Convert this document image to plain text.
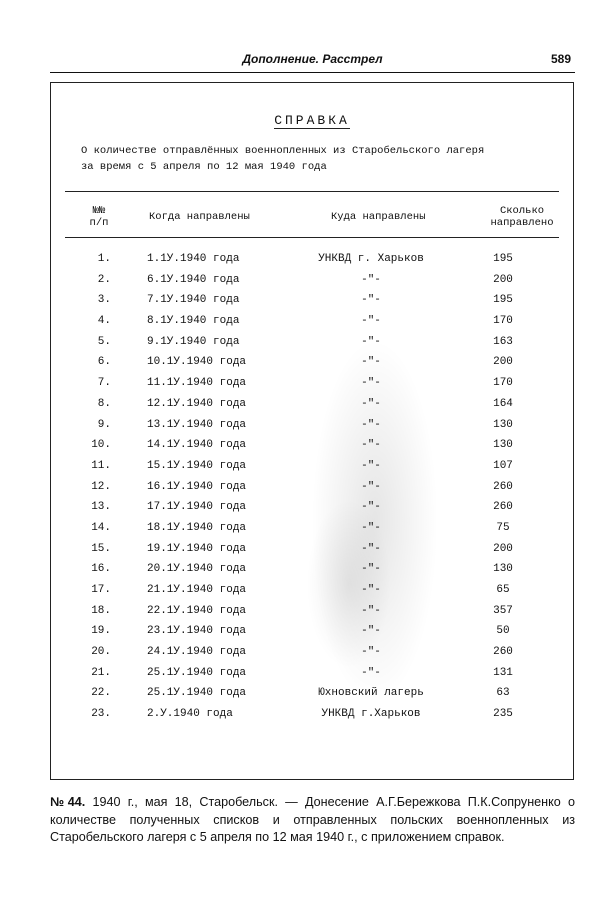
Дополнение. Расстрел	589
СПРАВКА
О количестве отправлённых военнопленных из Старобельского лагеря
за время с 5 апреля по 12 мая 1940 года
№№
п/п	Когда направлены	Куда направлены	Сколько
направлено
1.	1.1У.1940 года	УНКВД г. Харьков	195
2.	6.1У.1940 года	-"-	200
3.	7.1У.1940 года	-"-	195
4.	8.1У.1940 года	-"-	170
5.	9.1У.1940 года	-"-	163
6.	10.1У.1940 года	-"-	200
7.	11.1У.1940 года	-"-	170
8.	12.1У.1940 года	-"-	164
9.	13.1У.1940 года	-"-	130
10.	14.1У.1940 года	-"-	130
11.	15.1У.1940 года	-"-	107
12.	16.1У.1940 года	-"-	260
13.	17.1У.1940 года	-"-	260
14.	18.1У.1940 года	-"-	75
15.	19.1У.1940 года	-"-	200
16.	20.1У.1940 года	-"-	130
17.	21.1У.1940 года	-"-	65
18.	22.1У.1940 года	-"-	357
19.	23.1У.1940 года	-"-	50
20.	24.1У.1940 года	-"-	260
21.	25.1У.1940 года	-"-	131
22.	25.1У.1940 года	Юхновский лагерь	63
23.	2.У.1940 года	УНКВД г.Харьков	235
№44. 1940 г., мая 18, Старобельск. — Донесение А.Г.Бережкова П.К.Сопруненко о количестве полученных списков и отправленных польских военнопленных из Старобельского лагеря с 5 апреля по 12 мая 1940 г., с приложением справок.
